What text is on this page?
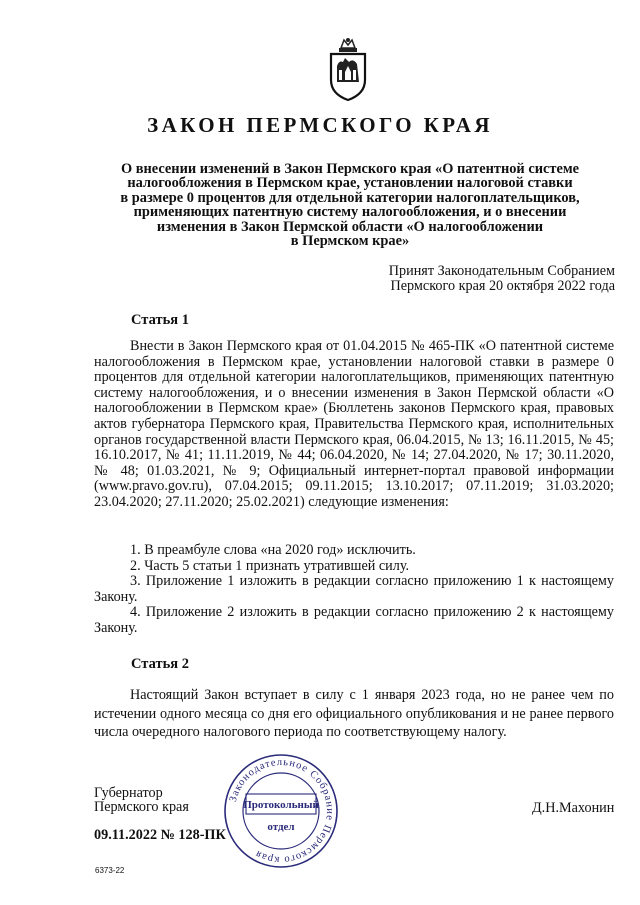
ЗАКОН ПЕРМСКОГО КРАЯ
О внесении изменений в Закон Пермского края «О патентной системе
налогообложения в Пермском крае, установлении налоговой ставки
в размере 0 процентов для отдельной категории налогоплательщиков,
применяющих патентную систему налогообложения, и о внесении
изменения в Закон Пермской области «О налогообложении
в Пермском крае»
Принят Законодательным Собранием
Пермского края 20 октября 2022 года
Статья 1

Внести в Закон Пермского края от 01.04.2015 № 465-ПК «О патентной системе налогообложения в Пермском крае, установлении налоговой ставки в размере 0 процентов для отдельной категории налогоплательщиков, применяющих патентную систему налогообложения, и о внесении изменения в Закон Пермской области «О налогообложении в Пермском крае» (Бюллетень законов Пермского края, правовых актов губернатора Пермского края, Правительства Пермского края, исполнительных органов государственной власти Пермского края, 06.04.2015, № 13; 16.11.2015, № 45; 16.10.2017, № 41; 11.11.2019, № 44; 06.04.2020, № 14; 27.04.2020, № 17; 30.11.2020, № 48; 01.03.2021, № 9; Официальный интернет-портал правовой информации (www.pravo.gov.ru), 07.04.2015; 09.11.2015; 13.10.2017; 07.11.2019; 31.03.2020; 23.04.2020; 27.11.2020; 25.02.2021) следующие изменения:

1. В преамбуле слова «на 2020 год» исключить.

2. Часть 5 статьи 1 признать утратившей силу.

3. Приложение 1 изложить в редакции согласно приложению 1 к настоящему Закону.

4. Приложение 2 изложить в редакции согласно приложению 2 к настоящему Закону.

Статья 2

Настоящий Закон вступает в силу с 1 января 2023 года, но не ранее чем по истечении одного месяца со дня его официального опубликования и не ранее первого числа очередного налогового периода по соответствующему налогу.

Губернатор
Пермского края	Д.Н.Махонин
09.11.2022 № 128-ПК
6373-22
Законодательное Собрание Пермского края
Протокольный
отдел
